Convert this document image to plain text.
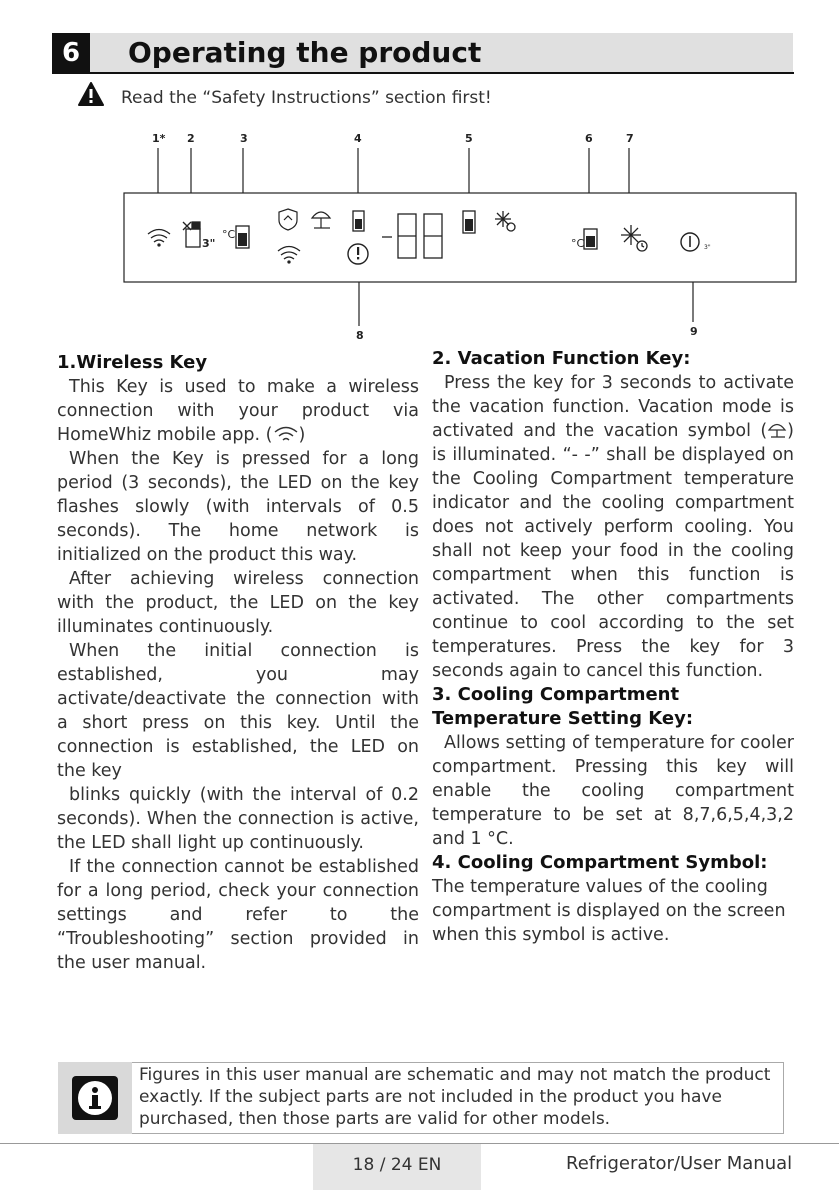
6	Operating the product
Read the “Safety Instructions” section first!
1* 2	3	4	5	6	7
3"
°C
°C	3"
8	9
1.Wireless Key

This Key is used to make a wireless connection with your product via HomeWhiz mobile app. ( )

When the Key is pressed for a long period (3 seconds), the LED on the key flashes slowly (with intervals of 0.5 seconds). The home network is initialized on the product this way.

After achieving wireless connection with the product, the LED on the key illuminates continuously.

When the initial connection is established, you may activate/deactivate the connection with a short press on this key. Until the connection is established, the LED on the key

blinks quickly (with the interval of 0.2 seconds). When the connection is active, the LED shall light up continuously.

If the connection cannot be established for a long period, check your connection settings and refer to the “Troubleshooting” section provided in the user manual.

2. Vacation Function Key:

Press the key for 3 seconds to activate the vacation function. Vacation mode is activated and the vacation symbol ( ) is illuminated. “- -” shall be displayed on the Cooling Compartment temperature indicator and the cooling compartment does not actively perform cooling. You shall not keep your food in the cooling compartment when this function is activated. The other compartments continue to cool according to the set temperatures. Press the key for 3 seconds again to cancel this function.

3. Cooling Compartment Temperature Setting Key:

Allows setting of temperature for cooler compartment. Pressing this key will enable the cooling compartment temperature to be set at 8,7,6,5,4,3,2 and 1 °C.

4. Cooling Compartment Symbol:

The temperature values of the cooling compartment is displayed on the screen when this symbol is active.

Figures in this user manual are schematic and may not match the product exactly. If the subject parts are not included in the product you have purchased, then those parts are valid for other models.
18 / 24 EN	Refrigerator/User Manual
